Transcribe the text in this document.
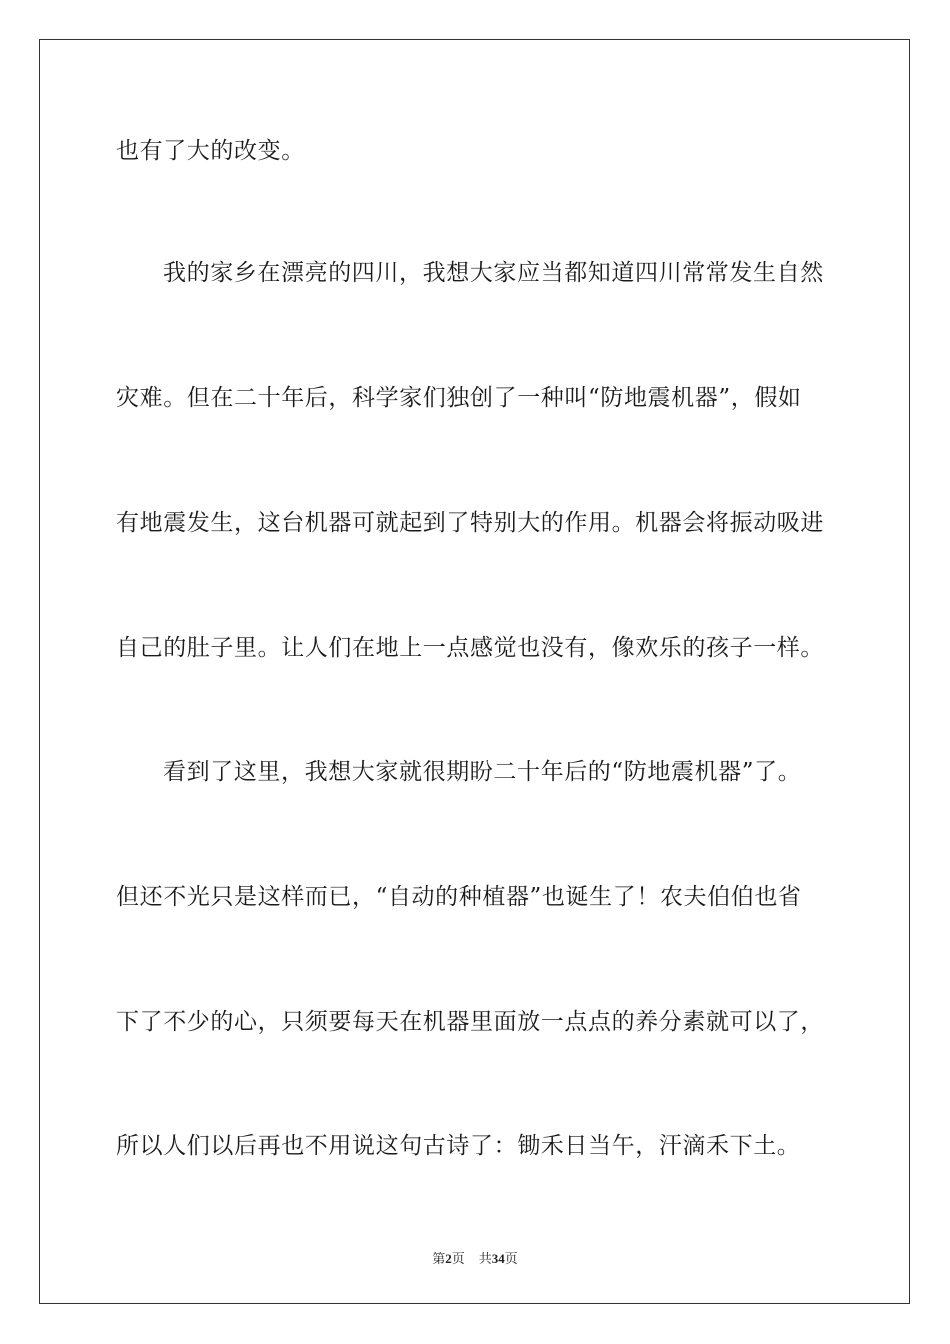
也有了大的改变。
我的家乡在漂亮的四川，我想大家应当都知道四川常常发生自然
灾难。但在二十年后，科学家们独创了一种叫“防地震机器”，假如
有地震发生，这台机器可就起到了特别大的作用。机器会将振动吸进
自己的肚子里。让人们在地上一点感觉也没有，像欢乐的孩子一样。
看到了这里，我想大家就很期盼二十年后的“防地震机器”了。
但还不光只是这样而已，“自动的种植器”也诞生了！农夫伯伯也省
下了不少的心，只须要每天在机器里面放一点点的养分素就可以了，
所以人们以后再也不用说这句古诗了：锄禾日当午，汗滴禾下土。
第2页 共34页
